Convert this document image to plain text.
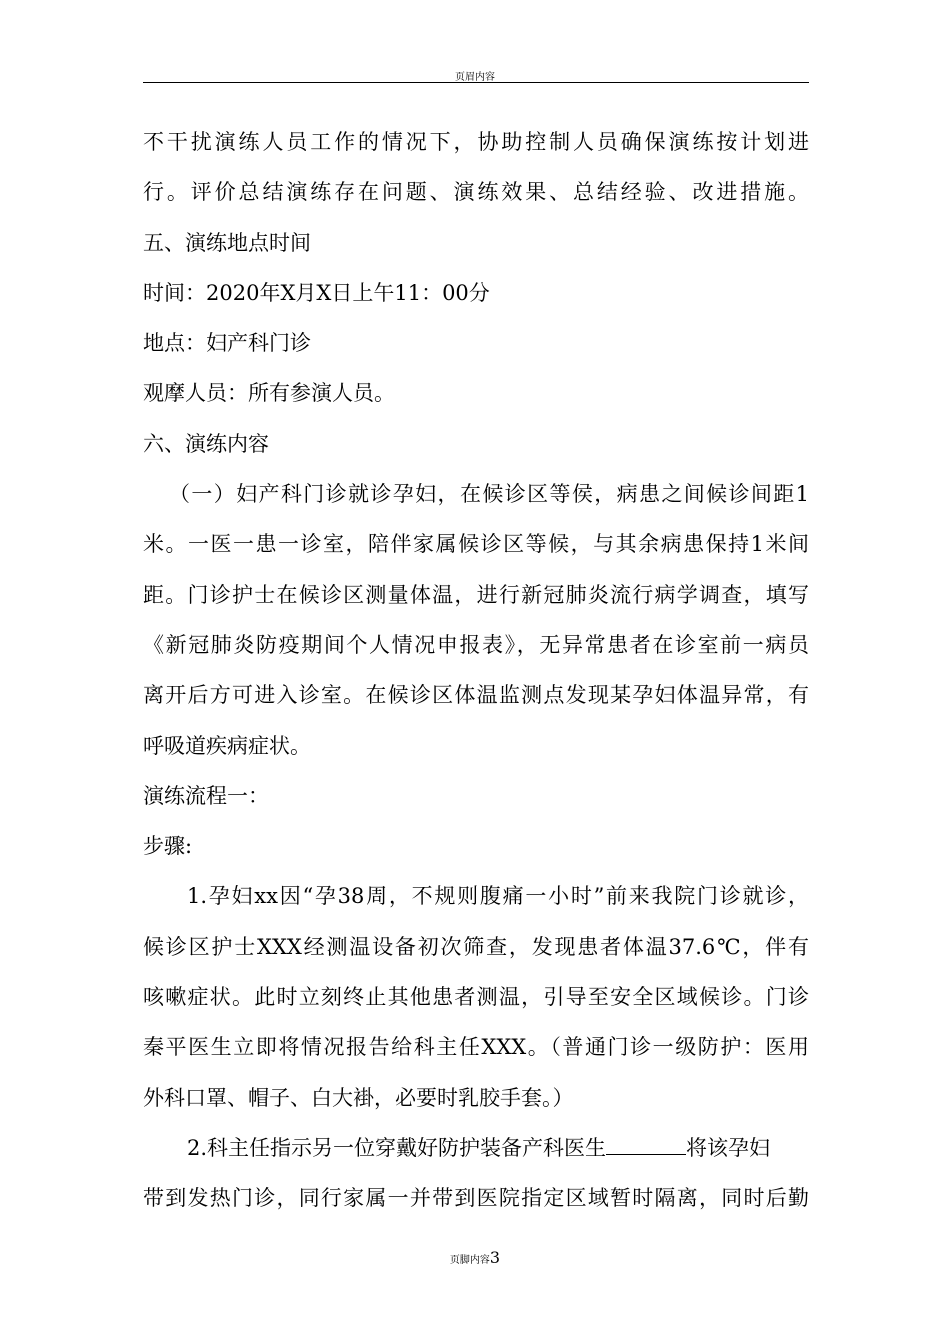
页眉内容
不干扰演练人员工作的情况下，协助控制人员确保演练按计划进
行。评价总结演练存在问题、演练效果、总结经验、改进措施。
五、演练地点时间
时间：2020年X月X日上午11：00分
地点：妇产科门诊
观摩人员：所有参演人员。
六、演练内容
（一）妇产科门诊就诊孕妇，在候诊区等侯，病患之间候诊间距1
米。一医一患一诊室，陪伴家属候诊区等候，与其余病患保持1米间
距。门诊护士在候诊区测量体温，进行新冠肺炎流行病学调查，填写
《新冠肺炎防疫期间个人情况申报表》，无异常患者在诊室前一病员
离开后方可进入诊室。在候诊区体温监测点发现某孕妇体温异常，有
呼吸道疾病症状。
演练流程一：
步骤:
1.孕妇xx因“孕38周，不规则腹痛一小时”前来我院门诊就诊，
候诊区护士XXX经测温设备初次筛查，发现患者体温37.6℃，伴有
咳嗽症状。此时立刻终止其他患者测温，引导至安全区域候诊。门诊
秦平医生立即将情况报告给科主任XXX。（普通门诊一级防护：医用
外科口罩、帽子、白大褂，必要时乳胶手套。）
2.科主任指示另一位穿戴好防护装备产科医生	将该孕妇
带到发热门诊，同行家属一并带到医院指定区域暂时隔离，同时后勤
页脚内容3
